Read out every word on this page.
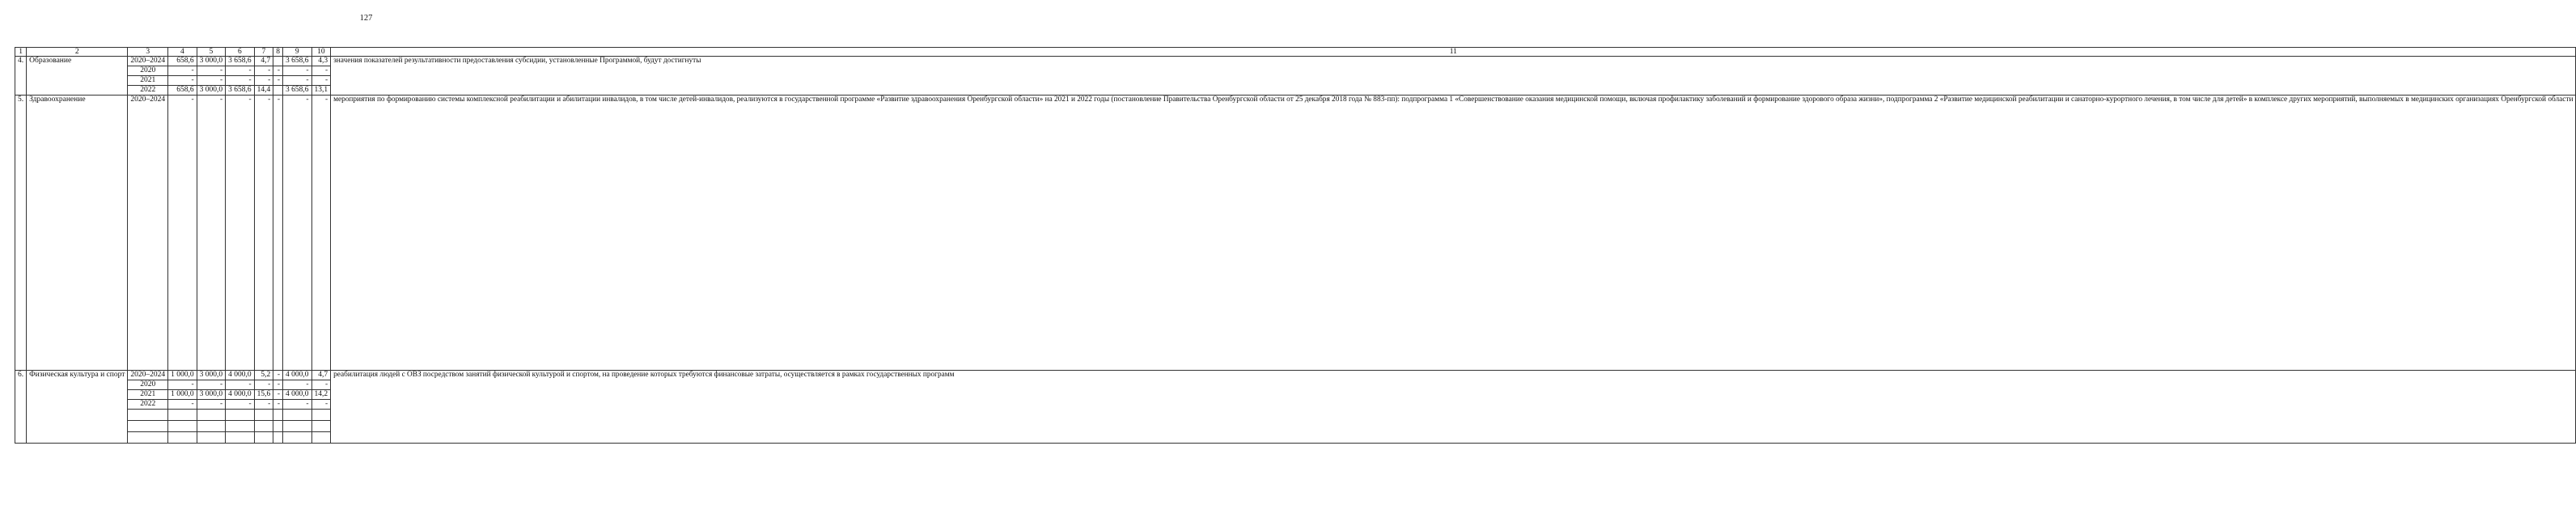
127
1	2	3	4	5	6	7	8	9	10	11
4.	Образование	2020–2024	658,6	3 000,0	3 658,6	4,7		3 658,6	4,3	значения показателей результативности предоставления субсидии, установленные Программой, будут достигнуты
		2020	-	-	-	-	-	-	-	
		2021	-	-	-	-	-	-	-	
		2022	658,6	3 000,0	3 658,6	14,4		3 658,6	13,1	
5.	Здравоохранение	2020–2024	-	-	-	-	-	-	-	мероприятия по формированию системы комплексной реабилитации и абилитации инвалидов, в том числе детей-инвалидов, реализуются в государственной программе «Развитие здравоохранения Оренбургской области» на 2021 и 2022 годы (постановление Правительства Оренбургской области от 25 декабря 2018 года № 883-пп): подпрограмма 1 «Совершенствование оказания медицинской помощи, включая профилактику заболеваний и формирование здорового образа жизни», подпрограмма 2 «Развитие медицинской реабилитации и санаторно-курортного лечения, в том числе для детей» в комплексе других мероприятий, выполняемых в медицинских организациях Оренбургской области
6.	Физическая культура и спорт	2020–2024	1 000,0	3 000,0	4 000,0	5,2	-	4 000,0	4,7	реабилитация людей с ОВЗ посредством занятий физической культурой и спортом, на проведение которых требуются финансовые затраты, осуществляется в рамках государственных программ
		2020	-	-	-	-	-	-	-	
		2021	1 000,0	3 000,0	4 000,0	15,6	-	4 000,0	14,2	
		2022	-	-	-	-	-	-	-	
